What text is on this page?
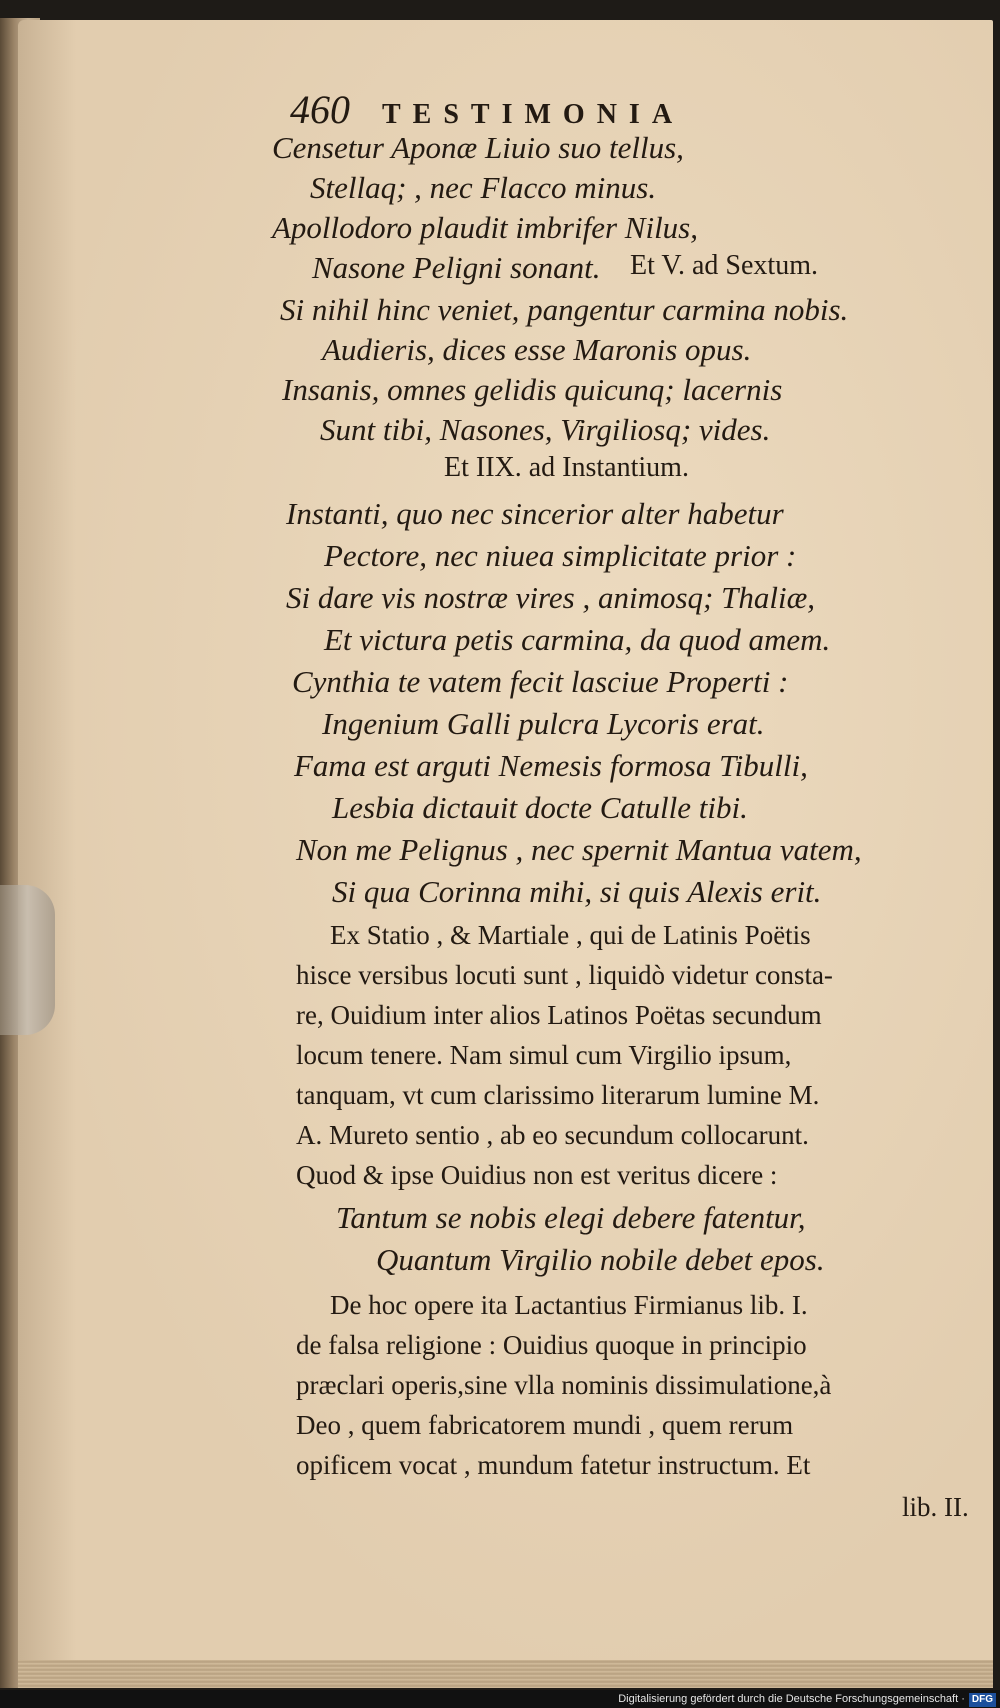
460 TESTIMONIA
Censetur Aponæ Liuio suo tellus,
Stellaq; , nec Flacco minus.
Apollodoro plaudit imbrifer Nilus,
Nasone Peligni sonant. Et V. ad Sextum.
Si nihil hinc veniet, pangentur carmina nobis.
Audieris, dices esse Maronis opus.
Insanis, omnes gelidis quicunq; lacernis
Sunt tibi, Nasones, Virgiliosq; vides.
Et IIX. ad Instantium.
Instanti, quo nec sincerior alter habetur
Pectore, nec niuea simplicitate prior :
Si dare vis nostræ vires , animosq; Thaliæ,
Et victura petis carmina, da quod amem.
Cynthia te vatem fecit lasciue Properti :
Ingenium Galli pulcra Lycoris erat.
Fama est arguti Nemesis formosa Tibulli,
Lesbia dictauit docte Catulle tibi.
Non me Pelignus , nec spernit Mantua vatem,
Si qua Corinna mihi, si quis Alexis erit.
Ex Statio , & Martiale , qui de Latinis Poëtis
hisce versibus locuti sunt , liquidò videtur consta-
re, Ouidium inter alios Latinos Poëtas secundum
locum tenere. Nam simul cum Virgilio ipsum,
tanquam, vt cum clarissimo literarum lumine M.
A. Mureto sentio , ab eo secundum collocarunt.
Quod & ipse Ouidius non est veritus dicere :
Tantum se nobis elegi debere fatentur,
Quantum Virgilio nobile debet epos.
De hoc opere ita Lactantius Firmianus lib. I.
de falsa religione : Ouidius quoque in principio
præclari operis,sine vlla nominis dissimulatione,à
Deo , quem fabricatorem mundi , quem rerum
opificem vocat , mundum fatetur instructum. Et
lib. II.
Digitalisierung gefördert durch die Deutsche Forschungsgemeinschaft · DFG
